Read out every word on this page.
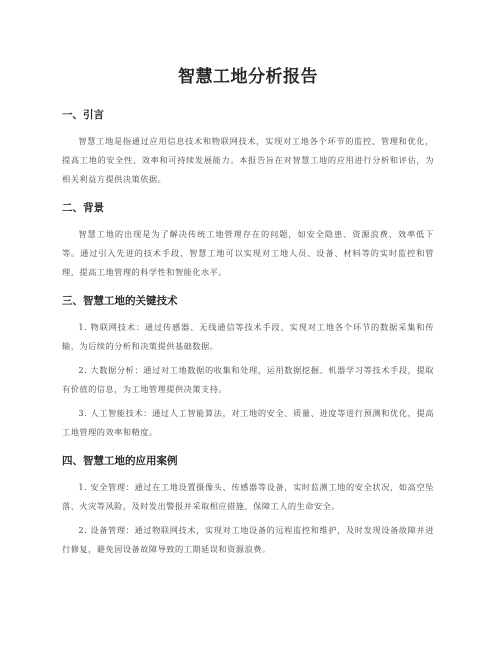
智慧工地分析报告
一、引言

智慧工地是指通过应用信息技术和物联网技术，实现对工地各个环节的监控、管理和优化，提高工地的安全性、效率和可持续发展能力。本报告旨在对智慧工地的应用进行分析和评估，为相关利益方提供决策依据。

二、背景

智慧工地的出现是为了解决传统工地管理存在的问题，如安全隐患、资源浪费、效率低下等。通过引入先进的技术手段，智慧工地可以实现对工地人员、设备、材料等的实时监控和管理，提高工地管理的科学性和智能化水平。

三、智慧工地的关键技术

1. 物联网技术：通过传感器、无线通信等技术手段，实现对工地各个环节的数据采集和传输，为后续的分析和决策提供基础数据。

2. 大数据分析：通过对工地数据的收集和处理，运用数据挖掘、机器学习等技术手段，提取有价值的信息，为工地管理提供决策支持。

3. 人工智能技术：通过人工智能算法，对工地的安全、质量、进度等进行预测和优化，提高工地管理的效率和精度。

四、智慧工地的应用案例

1. 安全管理：通过在工地设置摄像头、传感器等设备，实时监测工地的安全状况，如高空坠落、火灾等风险，及时发出警报并采取相应措施，保障工人的生命安全。

2. 设备管理：通过物联网技术，实现对工地设备的远程监控和维护，及时发现设备故障并进行修复，避免因设备故障导致的工期延误和资源浪费。
